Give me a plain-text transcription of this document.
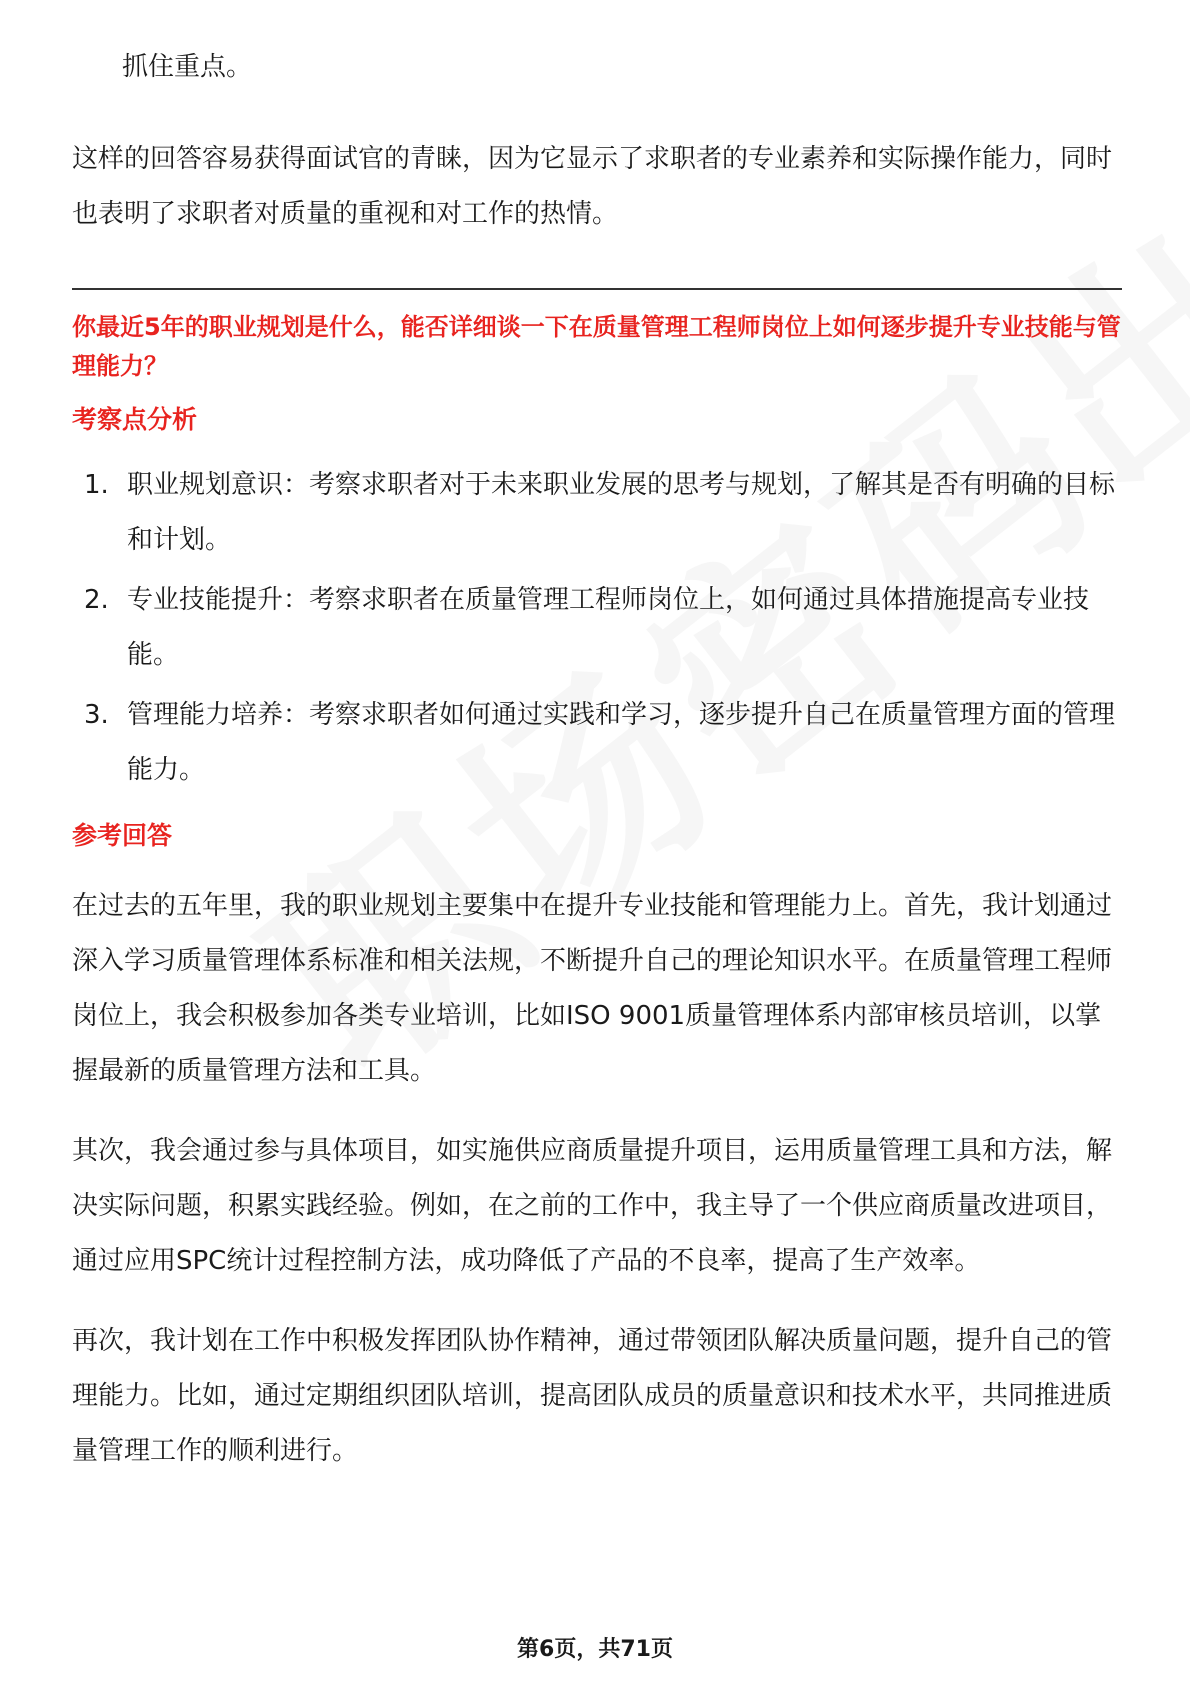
抓住重点。

这样的回答容易获得面试官的青睐，因为它显示了求职者的专业素养和实际操作能力，同时也表明了求职者对质量的重视和对工作的热情。

你最近5年的职业规划是什么，能否详细谈一下在质量管理工程师岗位上如何逐步提升专业技能与管理能力？
考察点分析
1. 职业规划意识：考察求职者对于未来职业发展的思考与规划，了解其是否有明确的目标和计划。
2. 专业技能提升：考察求职者在质量管理工程师岗位上，如何通过具体措施提高专业技能。
3. 管理能力培养：考察求职者如何通过实践和学习，逐步提升自己在质量管理方面的管理能力。
参考回答

在过去的五年里，我的职业规划主要集中在提升专业技能和管理能力上。首先，我计划通过深入学习质量管理体系标准和相关法规，不断提升自己的理论知识水平。在质量管理工程师岗位上，我会积极参加各类专业培训，比如ISO 9001质量管理体系内部审核员培训，以掌握最新的质量管理方法和工具。

其次，我会通过参与具体项目，如实施供应商质量提升项目，运用质量管理工具和方法，解决实际问题，积累实践经验。例如，在之前的工作中，我主导了一个供应商质量改进项目，通过应用SPC统计过程控制方法，成功降低了产品的不良率，提高了生产效率。

再次，我计划在工作中积极发挥团队协作精神，通过带领团队解决质量问题，提升自己的管理能力。比如，通过定期组织团队培训，提高团队成员的质量意识和技术水平，共同推进质量管理工作的顺利进行。

第6页，共71页
